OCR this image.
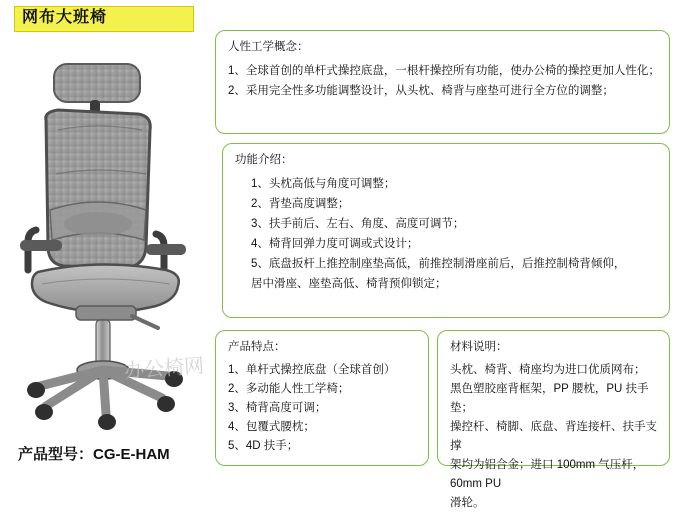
网布大班椅
办公椅网
产品型号：CG-E-HAM
人性工学概念：
1、全球首创的单杆式操控底盘，一根杆操控所有功能，使办公椅的操控更加人性化；
2、采用完全性多功能调整设计，从头枕、椅背与座垫可进行全方位的调整；
功能介绍：
1、头枕高低与角度可调整；
2、背垫高度调整；
3、扶手前后、左右、角度、高度可调节；
4、椅背回弹力度可调或式设计；
5、底盘扳杆上推控制座垫高低，前推控制滑座前后，后推控制椅背倾仰，
居中滑座、座垫高低、椅背预仰锁定；
产品特点：
1、单杆式操控底盘（全球首创）
2、多动能人性工学椅；
3、椅背高度可调；
4、包覆式腰枕；
5、4D 扶手；
材料说明：
头枕、椅背、椅座均为进口优质网布；
黑色塑胶座背框架，PP 腰枕，PU 扶手垫；
操控杆、椅脚、底盘、背连接杆、扶手支撑
架均为铝合金；进口 100mm 气压杆，60mm PU
滑轮。
